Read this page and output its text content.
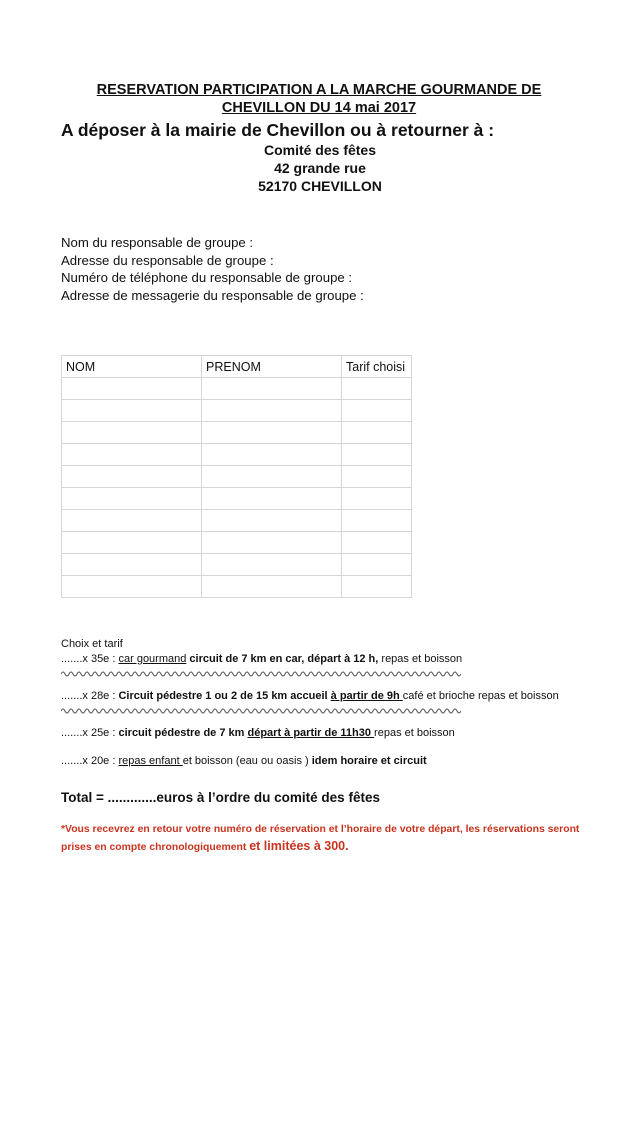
RESERVATION PARTICIPATION A LA MARCHE GOURMANDE DE
CHEVILLON DU 14 mai 2017
A déposer à la mairie de Chevillon ou à retourner à :
Comité des fêtes
42 grande rue
52170 CHEVILLON
Nom du responsable de groupe :
Adresse du responsable de groupe :
Numéro de téléphone du responsable de groupe :
Adresse de messagerie du responsable de groupe :
NOM	PRENOM	Tarif choisi

Choix et tarif
.......x 35e : car gourmand circuit de 7 km en car, départ à 12 h, repas et boisson
.......x 28e : Circuit pédestre 1 ou 2 de 15 km accueil à partir de 9h café et brioche repas et boisson
.......x 25e : circuit pédestre de 7 km départ à partir de 11h30 repas et boisson
.......x 20e : repas enfant et boisson (eau ou oasis ) idem horaire et circuit
Total = .............euros à l’ordre du comité des fêtes
*Vous recevrez en retour votre numéro de réservation et l’horaire de votre départ, les réservations seront prises en compte chronologiquement et limitées à 300.
